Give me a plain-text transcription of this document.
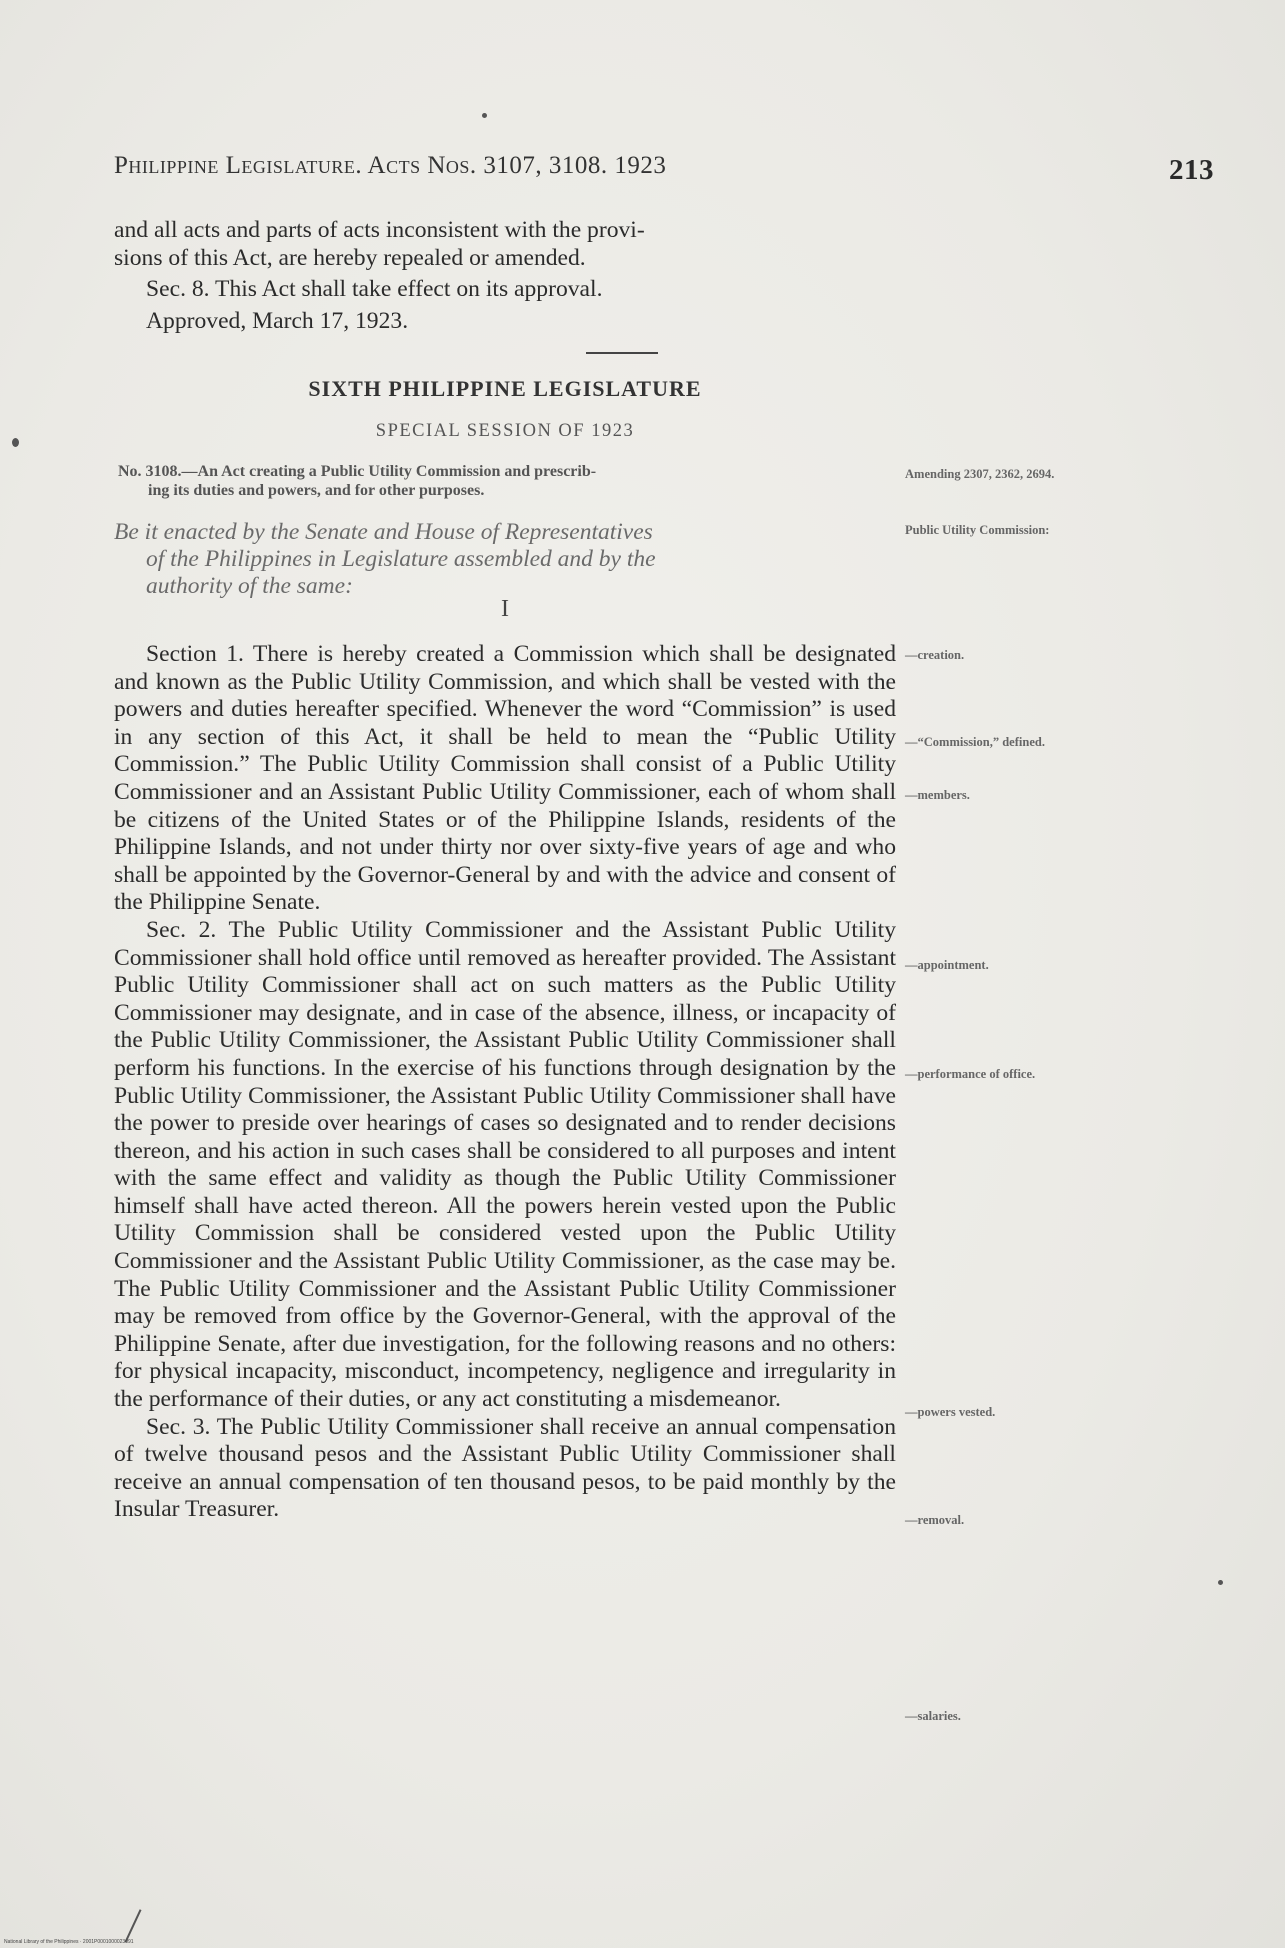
Philippine Legislature. Acts Nos. 3107, 3108. 1923	213

and all acts and parts of acts inconsistent with the provi-

sions of this Act, are hereby repealed or amended.

Sec. 8. This Act shall take effect on its approval.

Approved, March 17, 1923.

SIXTH PHILIPPINE LEGISLATURE
SPECIAL SESSION OF 1923
No. 3108.—An Act creating a Public Utility Commission and prescrib-
ing its duties and powers, and for other purposes.
Be it enacted by the Senate and House of Representatives
of the Philippines in Legislature assembled and by the
authority of the same:
I

Section 1. There is hereby created a Commission which shall be designated and known as the Public Utility Commission, and which shall be vested with the powers and duties hereafter specified. Whenever the word “Commission” is used in any section of this Act, it shall be held to mean the “Public Utility Commission.” The Public Utility Commission shall consist of a Public Utility Commissioner and an Assistant Public Utility Commissioner, each of whom shall be citizens of the United States or of the Philippine Islands, residents of the Philippine Islands, and not under thirty nor over sixty-five years of age and who shall be appointed by the Governor-General by and with the advice and consent of the Philippine Senate.

Sec. 2. The Public Utility Commissioner and the Assistant Public Utility Commissioner shall hold office until removed as hereafter provided. The Assistant Public Utility Commissioner shall act on such matters as the Public Utility Commissioner may designate, and in case of the absence, illness, or incapacity of the Public Utility Commissioner, the Assistant Public Utility Commissioner shall perform his functions. In the exercise of his functions through designation by the Public Utility Commissioner, the Assistant Public Utility Commissioner shall have the power to preside over hearings of cases so designated and to render decisions thereon, and his action in such cases shall be considered to all purposes and intent with the same effect and validity as though the Public Utility Commissioner himself shall have acted thereon. All the powers herein vested upon the Public Utility Commission shall be considered vested upon the Public Utility Commissioner and the Assistant Public Utility Commissioner, as the case may be. The Public Utility Commissioner and the Assistant Public Utility Commissioner may be removed from office by the Governor-General, with the approval of the Philippine Senate, after due investigation, for the following reasons and no others: for physical incapacity, misconduct, incompetency, negligence and irregularity in the performance of their duties, or any act constituting a misdemeanor.

Sec. 3. The Public Utility Commissioner shall receive an annual compensation of twelve thousand pesos and the Assistant Public Utility Commissioner shall receive an annual compensation of ten thousand pesos, to be paid monthly by the Insular Treasurer.

Amending 2307, 2362, 2694.
Public Utility Commission:
—creation.
—“Commission,” defined.
—members.
—appointment.
—performance of office.
—powers vested.
—removal.
—salaries.
National Library of the Philippines · 2001P0001000023091
